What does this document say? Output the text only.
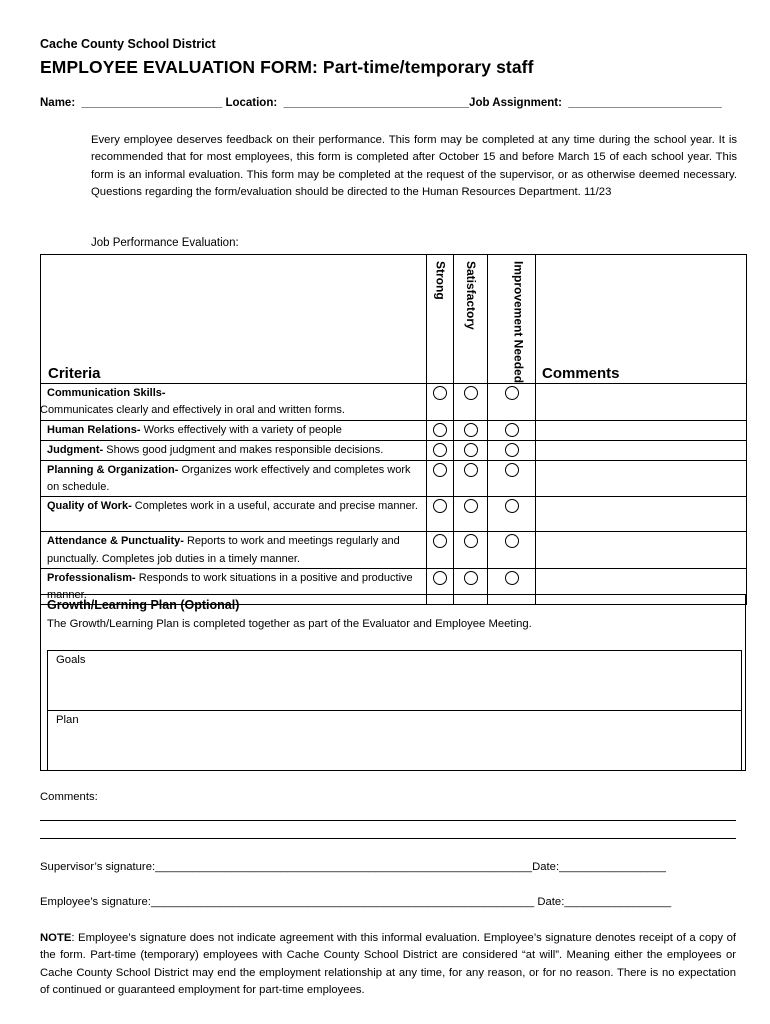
Cache County School District
EMPLOYEE EVALUATION FORM: Part-time/temporary staff
Name:  ______________________ Location:  _____________________________Job Assignment:  ________________________
Every employee deserves feedback on their performance. This form may be completed at any time during the school year. It is recommended that for most employees, this form is completed after October 15 and before March 15 of each school year. This form is an informal evaluation. This form may be completed at the request of the supervisor, or as otherwise deemed necessary. Questions regarding the form/evaluation should be directed to the Human Resources Department. 11/23
Job Performance Evaluation:
Criteria	Strong	Satisfactory	Improvement Needed	Comments
Communication Skills-
Communicates clearly and effectively in oral and written forms.				
Human Relations- Works effectively with a variety of people				
Judgment- Shows good judgment and makes responsible decisions.				
Planning & Organization- Organizes work effectively and completes work on schedule.				
Quality of Work- Completes work in a useful, accurate and precise manner.				
Attendance & Punctuality- Reports to work and meetings regularly and punctually. Completes job duties in a timely manner.				
Professionalism- Responds to work situations in a positive and productive manner.				
Growth/Learning Plan (Optional)
The Growth/Learning Plan is completed together as part of the Evaluator and Employee Meeting.
Goals
Plan
Comments:
Supervisor’s signature:____________________________________________________________Date:_________________
Employee’s signature:_____________________________________________________________ Date:_________________
NOTE: Employee’s signature does not indicate agreement with this informal evaluation. Employee’s signature denotes receipt of a copy of the form. Part-time (temporary) employees with Cache County School District are considered “at will”. Meaning either the employees or Cache County School District may end the employment relationship at any time, for any reason, or for no reason. There is no expectation of continued or guaranteed employment for part-time employees.
